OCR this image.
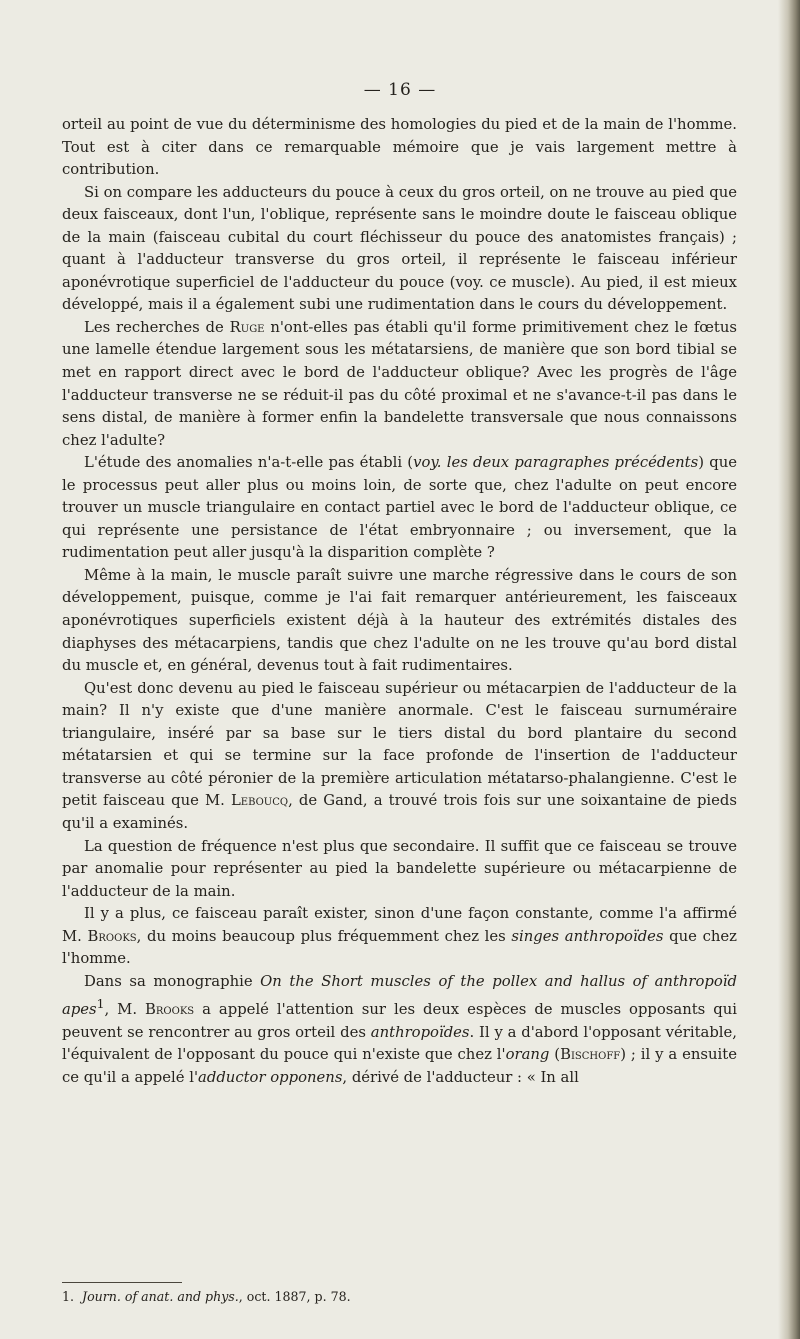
— 16 —

orteil au point de vue du déterminisme des homologies du pied et de la main de l'homme. Tout est à citer dans ce remarquable mémoire que je vais largement mettre à contribution.

Si on compare les adducteurs du pouce à ceux du gros orteil, on ne trouve au pied que deux faisceaux, dont l'un, l'oblique, représente sans le moindre doute le faisceau oblique de la main (faisceau cubital du court fléchisseur du pouce des anatomistes français) ; quant à l'adducteur transverse du gros orteil, il représente le faisceau inférieur aponévrotique superficiel de l'adducteur du pouce (voy. ce muscle). Au pied, il est mieux développé, mais il a également subi une rudimentation dans le cours du développement.

Les recherches de Ruge n'ont-elles pas établi qu'il forme primitivement chez le fœtus une lamelle étendue largement sous les métatarsiens, de manière que son bord tibial se met en rapport direct avec le bord de l'adducteur oblique? Avec les progrès de l'âge l'adducteur transverse ne se réduit-il pas du côté proximal et ne s'avance-t-il pas dans le sens distal, de manière à former enfin la bandelette transversale que nous connaissons chez l'adulte?

L'étude des anomalies n'a-t-elle pas établi (voy. les deux paragraphes précédents) que le processus peut aller plus ou moins loin, de sorte que, chez l'adulte on peut encore trouver un muscle triangulaire en contact partiel avec le bord de l'adducteur oblique, ce qui représente une persistance de l'état embryonnaire ; ou inversement, que la rudimentation peut aller jusqu'à la disparition complète ?

Même à la main, le muscle paraît suivre une marche régressive dans le cours de son développement, puisque, comme je l'ai fait remarquer antérieurement, les faisceaux aponévrotiques superficiels existent déjà à la hauteur des extrémités distales des diaphyses des métacarpiens, tandis que chez l'adulte on ne les trouve qu'au bord distal du muscle et, en général, devenus tout à fait rudimentaires.

Qu'est donc devenu au pied le faisceau supérieur ou métacarpien de l'adducteur de la main? Il n'y existe que d'une manière anormale. C'est le faisceau surnuméraire triangulaire, inséré par sa base sur le tiers distal du bord plantaire du second métatarsien et qui se termine sur la face profonde de l'insertion de l'adducteur transverse au côté péronier de la première articulation métatarso-phalangienne. C'est le petit faisceau que M. Leboucq, de Gand, a trouvé trois fois sur une soixantaine de pieds qu'il a examinés.

La question de fréquence n'est plus que secondaire. Il suffit que ce faisceau se trouve par anomalie pour représenter au pied la bandelette supérieure ou métacarpienne de l'adducteur de la main.

Il y a plus, ce faisceau paraît exister, sinon d'une façon constante, comme l'a affirmé M. Brooks, du moins beaucoup plus fréquemment chez les singes anthropoïdes que chez l'homme.

Dans sa monographie On the Short muscles of the pollex and hallus of anthropoïd apes$^1$, M. Brooks a appelé l'attention sur les deux espèces de muscles opposants qui peuvent se rencontrer au gros orteil des anthropoïdes. Il y a d'abord l'opposant véritable, l'équivalent de l'opposant du pouce qui n'existe que chez l'orang (Bischoff) ; il y a ensuite ce qu'il a appelé l'adductor opponens, dérivé de l'adducteur : « In all

1. Journ. of anat. and phys., oct. 1887, p. 78.
